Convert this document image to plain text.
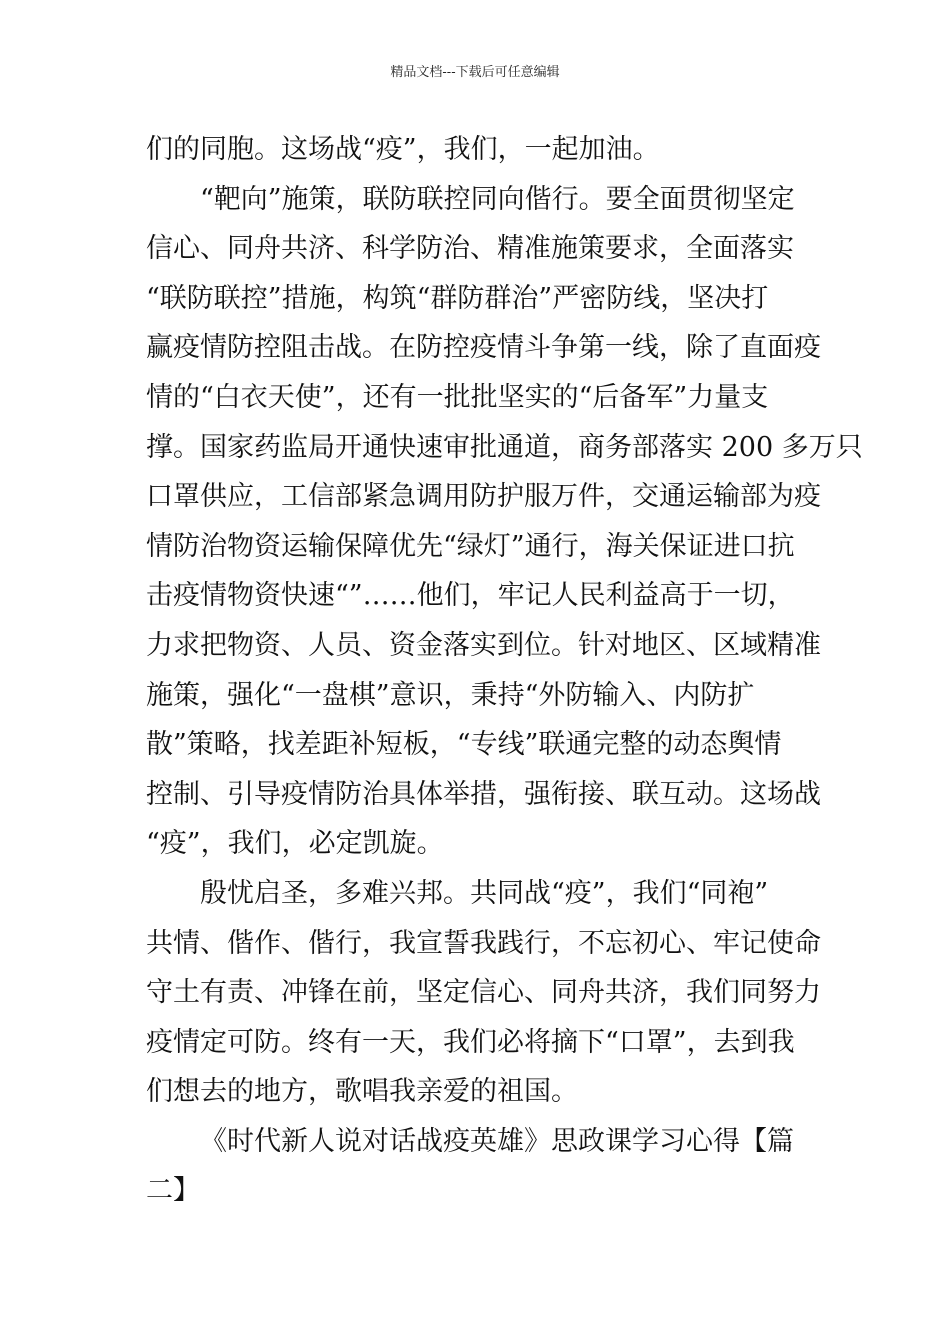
精品文档---下载后可任意编辑
们的同胞。这场战“疫”，我们，一起加油。
“靶向”施策，联防联控同向偕行。要全面贯彻坚定
信心、同舟共济、科学防治、精准施策要求，全面落实
“联防联控”措施，构筑“群防群治”严密防线，坚决打
赢疫情防控阻击战。在防控疫情斗争第一线，除了直面疫
情的“白衣天使”，还有一批批坚实的“后备军”力量支
撑。国家药监局开通快速审批通道，商务部落实 200 多万只
口罩供应，工信部紧急调用防护服万件，交通运输部为疫
情防治物资运输保障优先“绿灯”通行，海关保证进口抗
击疫情物资快速“”……他们，牢记人民利益高于一切，
力求把物资、人员、资金落实到位。针对地区、区域精准
施策，强化“一盘棋”意识，秉持“外防输入、内防扩
散”策略，找差距补短板，“专线”联通完整的动态舆情
控制、引导疫情防治具体举措，强衔接、联互动。这场战
“疫”，我们，必定凯旋。
殷忧启圣，多难兴邦。共同战“疫”，我们“同袍”
共情、偕作、偕行，我宣誓我践行，不忘初心、牢记使命
守土有责、冲锋在前，坚定信心、同舟共济，我们同努力
疫情定可防。终有一天，我们必将摘下“口罩”，去到我
们想去的地方，歌唱我亲爱的祖国。
《时代新人说对话战疫英雄》思政课学习心得【篇
二】
